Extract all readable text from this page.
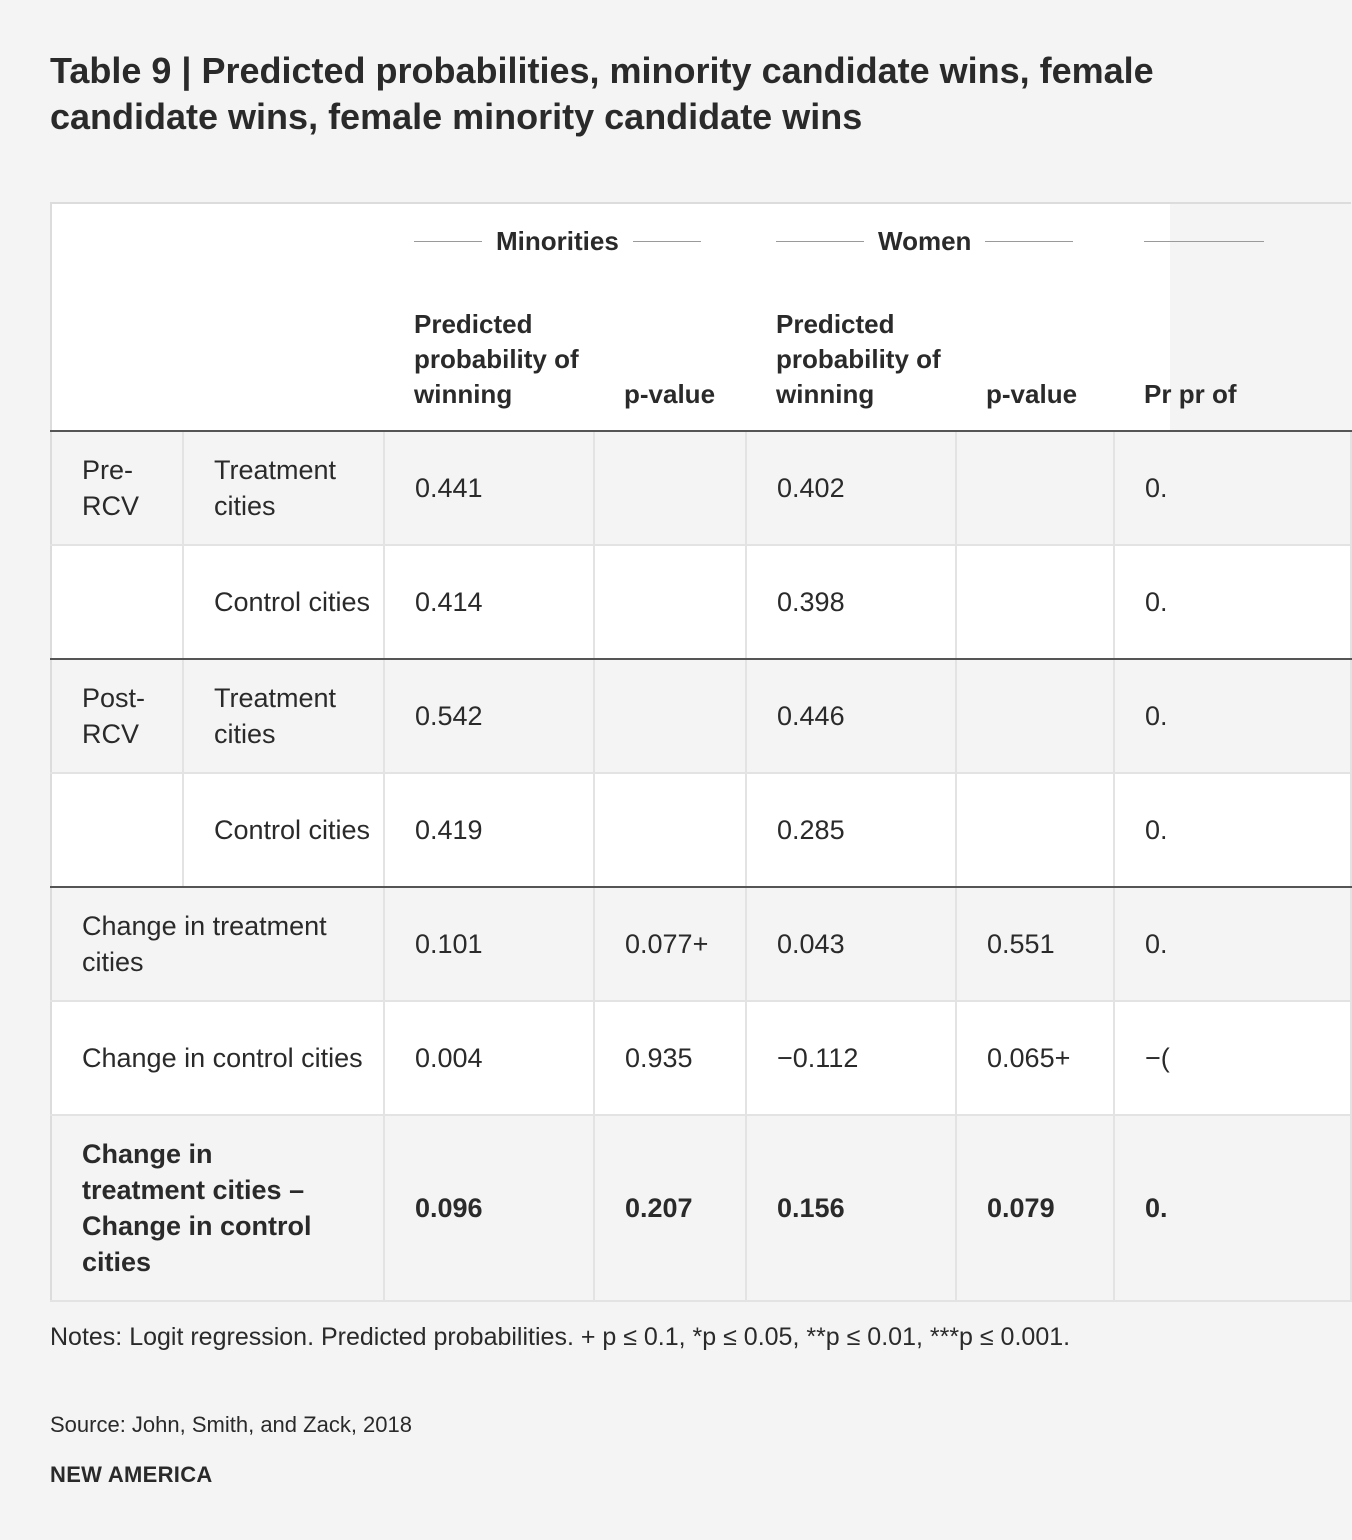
Table 9 | Predicted probabilities, minority candidate wins, female candidate wins, female minority candidate wins

		Minorities		Women		

		Predicted probability of winning	p-value	Predicted probability of winning	p-value	Pr pr of
Pre-RCV	Treatment cities	0.441		0.402		0.
	Control cities	0.414		0.398		0.
Post-RCV	Treatment cities	0.542		0.446		0.
	Control cities	0.419		0.285		0.
Change in treatment cities		0.101	0.077+	0.043	0.551	0.
Change in control cities		0.004	0.935	−0.112	0.065+	−(

Change in treatment cities – Change in control cities		0.096	0.207	0.156	0.079	0.

Notes: Logit regression. Predicted probabilities. + p ≤ 0.1, *p ≤ 0.05, **p ≤ 0.01, ***p ≤ 0.001.

Source: John, Smith, and Zack, 2018

NEW AMERICA
